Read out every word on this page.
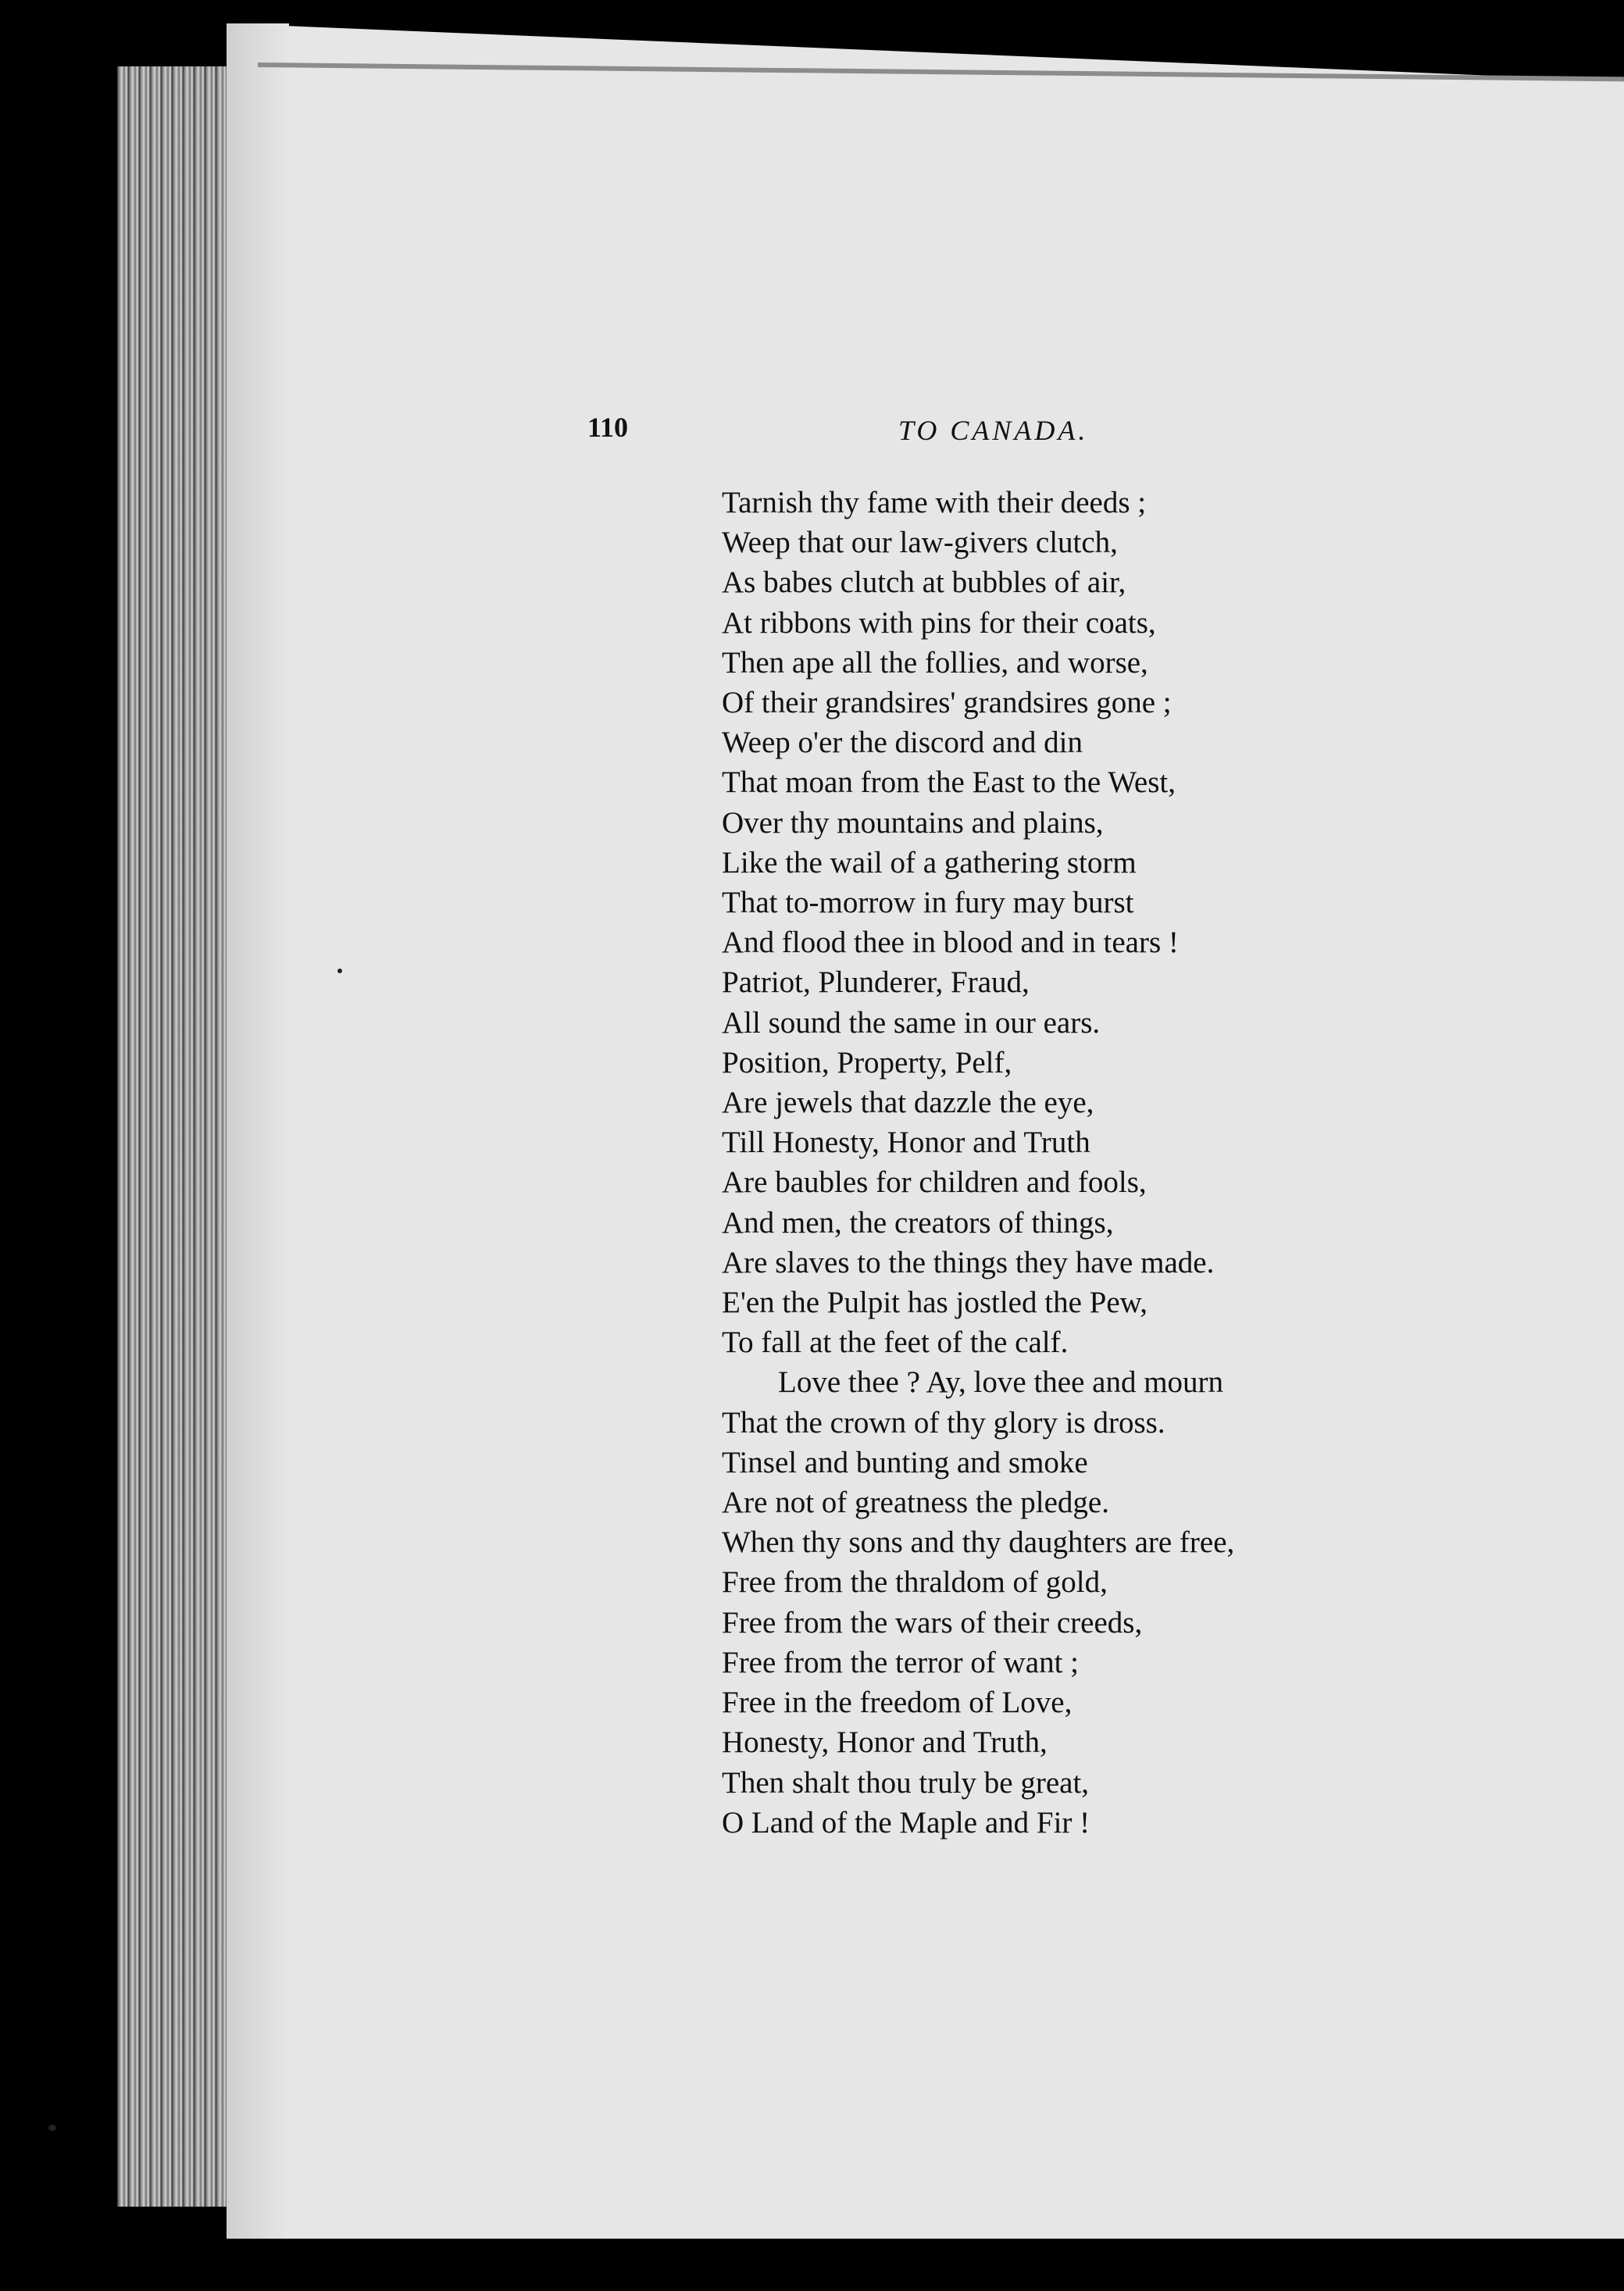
110	TO CANADA.
Tarnish thy fame with their deeds ;
Weep that our law-givers clutch,
As babes clutch at bubbles of air,
At ribbons with pins for their coats,
Then ape all the follies, and worse,
Of their grandsires' grandsires gone ;
Weep o'er the discord and din
That moan from the East to the West,
Over thy mountains and plains,
Like the wail of a gathering storm
That to-morrow in fury may burst
And flood thee in blood and in tears !
Patriot, Plunderer, Fraud,
All sound the same in our ears.
Position, Property, Pelf,
Are jewels that dazzle the eye,
Till Honesty, Honor and Truth
Are baubles for children and fools,
And men, the creators of things,
Are slaves to the things they have made.
E'en the Pulpit has jostled the Pew,
To fall at the feet of the calf.
Love thee ? Ay, love thee and mourn
That the crown of thy glory is dross.
Tinsel and bunting and smoke
Are not of greatness the pledge.
When thy sons and thy daughters are free,
Free from the thraldom of gold,
Free from the wars of their creeds,
Free from the terror of want ;
Free in the freedom of Love,
Honesty, Honor and Truth,
Then shalt thou truly be great,
O Land of the Maple and Fir !
